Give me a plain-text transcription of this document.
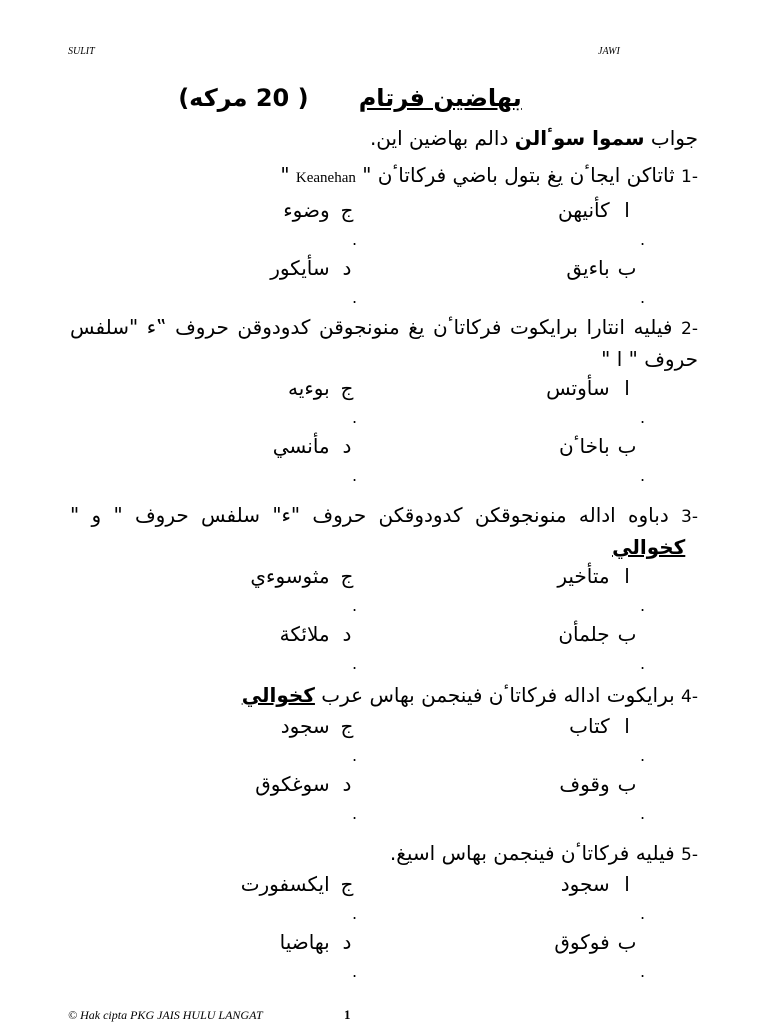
SULIT	JAWI
بهاضين فرتام      ( 20 مركه)
جواب سموا سوٴالن دالم بهاضين اين.
-1 ثاتاکن ايجاٴن يغ بتول باضي فرکاتاٴن " Keanehan "
ا كأنيهن
ج وضوء
.
.
ب باءيق
د سأيكور
.
.
-2 فيليه انتارا برايكوت فركاتاٴن يغ منونجوقن كدودوقن حروف ‟ء "سلفس حروف " ا "
ا سأوتس
ج بوءيه
.
.
ب باخاٴن
د مأنسي
.
.
-3 دباوه اداله منونجوقكن كدودوقكن حروف "ء" سلفس حروف " و "   كخوالي
ا متأخير
ج مثوسوءي
.
.
ب جلمأن
د ملائكة
.
.
-4 برايكوت اداله فركاتاٴن فينجمن بهاس عرب كخوالي
ا كتاب
ج سجود
.
.
ب وقوف
د سوغكوق
.
.
-5 فيليه فركاتاٴن فينجمن بهاس اسيغ.
ا سجود
ج ايكسفورت
.
.
ب فوكوق
د بهاضيا
.
.
© Hak cipta PKG JAIS HULU LANGAT	1
